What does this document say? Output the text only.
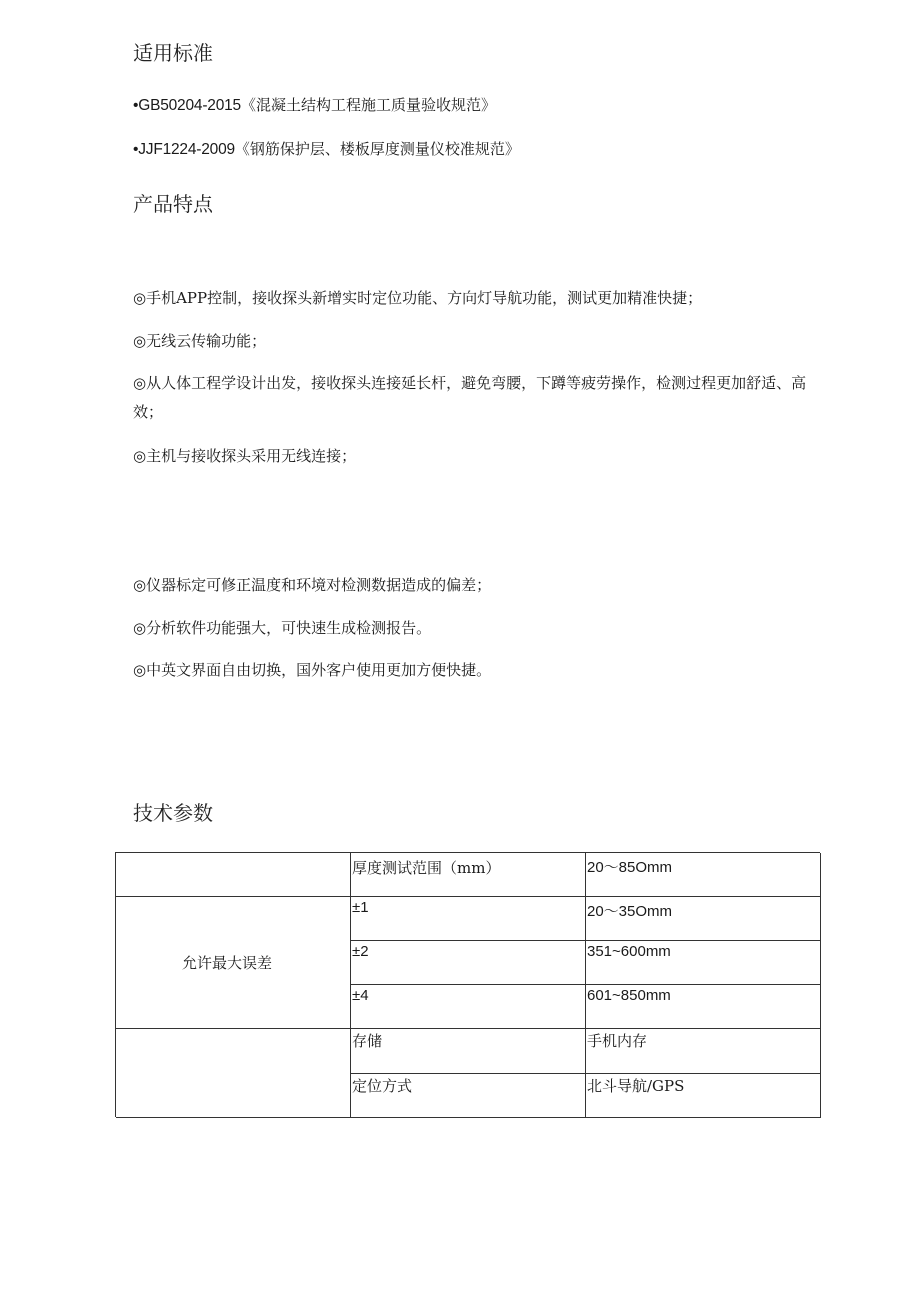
适用标准
•GB50204-2015《混凝土结构工程施工质量验收规范》
•JJF1224-2009《钢筋保护层、楼板厚度测量仪校准规范》
产品特点

◎手机APP控制，接收探头新增实时定位功能、方向灯导航功能，测试更加精准快捷；

◎无线云传输功能；

◎从人体工程学设计出发，接收探头连接延长杆，避免弯腰，下蹲等疲劳操作，检测过程更加舒适、高效；

◎主机与接收探头采用无线连接；

◎仪器标定可修正温度和环境对检测数据造成的偏差；

◎分析软件功能强大，可快速生成检测报告。

◎中英文界面自由切换，国外客户使用更加方便快捷。

技术参数
厚度测试范围（mm）	20～85Omm
允许最大误差
±1	20～35Omm
±2	351~600mm
±4	601~850mm
存储	手机内存
定位方式	北斗导航/GPS
